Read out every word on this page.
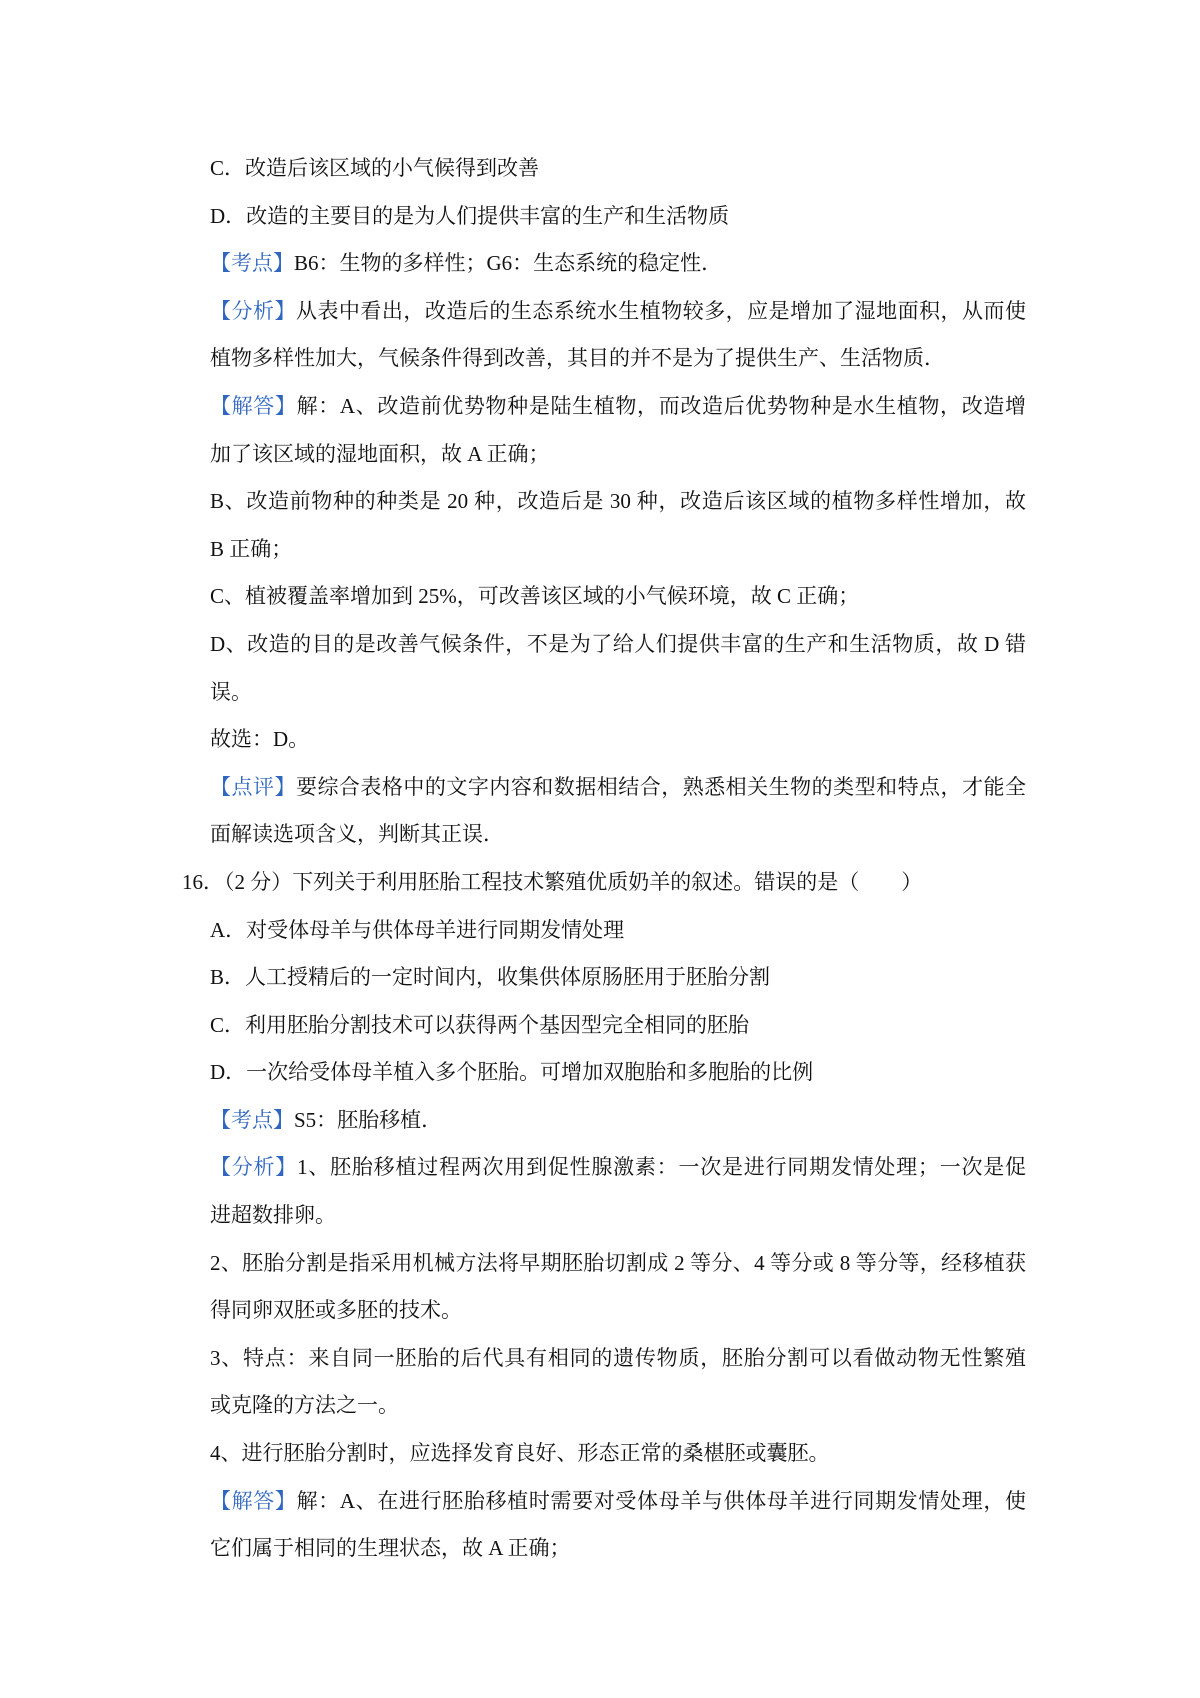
C．改造后该区域的小气候得到改善
D．改造的主要目的是为人们提供丰富的生产和生活物质
【考点】B6：生物的多样性；G6：生态系统的稳定性．
【分析】从表中看出，改造后的生态系统水生植物较多，应是增加了湿地面积，从而使
植物多样性加大，气候条件得到改善，其目的并不是为了提供生产、生活物质．
【解答】解：A、改造前优势物种是陆生植物，而改造后优势物种是水生植物，改造增
加了该区域的湿地面积，故 A 正确；
B、改造前物种的种类是 20 种，改造后是 30 种，改造后该区域的植物多样性增加，故
B 正确；
C、植被覆盖率增加到 25%，可改善该区域的小气候环境，故 C 正确；
D、改造的目的是改善气候条件，不是为了给人们提供丰富的生产和生活物质，故 D 错
误。
故选：D。
【点评】要综合表格中的文字内容和数据相结合，熟悉相关生物的类型和特点，才能全
面解读选项含义，判断其正误．
16．（2 分）下列关于利用胚胎工程技术繁殖优质奶羊的叙述。错误的是（　　）
A．对受体母羊与供体母羊进行同期发情处理
B．人工授精后的一定时间内，收集供体原肠胚用于胚胎分割
C．利用胚胎分割技术可以获得两个基因型完全相同的胚胎
D．一次给受体母羊植入多个胚胎。可增加双胞胎和多胞胎的比例
【考点】S5：胚胎移植．
【分析】1、胚胎移植过程两次用到促性腺激素：一次是进行同期发情处理；一次是促
进超数排卵。
2、胚胎分割是指采用机械方法将早期胚胎切割成 2 等分、4 等分或 8 等分等，经移植获
得同卵双胚或多胚的技术。
3、特点：来自同一胚胎的后代具有相同的遗传物质，胚胎分割可以看做动物无性繁殖
或克隆的方法之一。
4、进行胚胎分割时，应选择发育良好、形态正常的桑椹胚或囊胚。
【解答】解：A、在进行胚胎移植时需要对受体母羊与供体母羊进行同期发情处理，使
它们属于相同的生理状态，故 A 正确；
